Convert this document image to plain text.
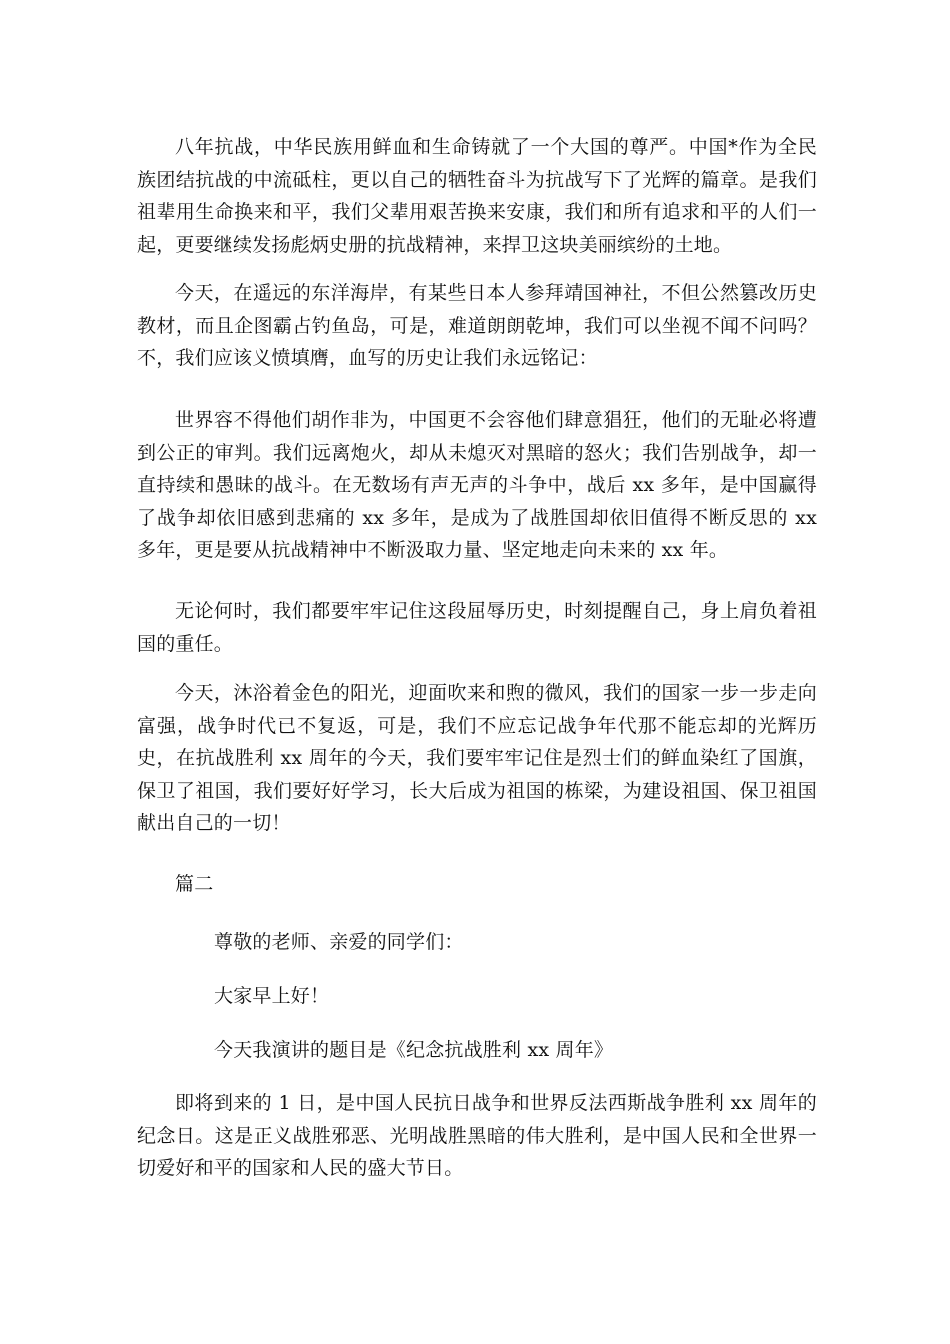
八年抗战，中华民族用鲜血和生命铸就了一个大国的尊严。中国*作为全民族团结抗战的中流砥柱，更以自己的牺牲奋斗为抗战写下了光辉的篇章。是我们祖辈用生命换来和平，我们父辈用艰苦换来安康，我们和所有追求和平的人们一起，更要继续发扬彪炳史册的抗战精神，来捍卫这块美丽缤纷的土地。

今天，在遥远的东洋海岸，有某些日本人参拜靖国神社，不但公然篡改历史教材，而且企图霸占钓鱼岛，可是，难道朗朗乾坤，我们可以坐视不闻不问吗？不，我们应该义愤填膺，血写的历史让我们永远铭记：

世界容不得他们胡作非为，中国更不会容他们肆意猖狂，他们的无耻必将遭到公正的审判。我们远离炮火，却从未熄灭对黑暗的怒火；我们告别战争，却一直持续和愚昧的战斗。在无数场有声无声的斗争中，战后 xx 多年，是中国赢得了战争却依旧感到悲痛的 xx 多年，是成为了战胜国却依旧值得不断反思的 xx 多年，更是要从抗战精神中不断汲取力量、坚定地走向未来的 xx 年。

无论何时，我们都要牢牢记住这段屈辱历史，时刻提醒自己，身上肩负着祖国的重任。

今天，沐浴着金色的阳光，迎面吹来和煦的微风，我们的国家一步一步走向富强，战争时代已不复返，可是，我们不应忘记战争年代那不能忘却的光辉历史，在抗战胜利 xx 周年的今天，我们要牢牢记住是烈士们的鲜血染红了国旗，保卫了祖国，我们要好好学习，长大后成为祖国的栋梁，为建设祖国、保卫祖国献出自己的一切！

篇二

尊敬的老师、亲爱的同学们：

大家早上好！

今天我演讲的题目是《纪念抗战胜利 xx 周年》

即将到来的 1 日，是中国人民抗日战争和世界反法西斯战争胜利 xx 周年的纪念日。这是正义战胜邪恶、光明战胜黑暗的伟大胜利，是中国人民和全世界一切爱好和平的国家和人民的盛大节日。
